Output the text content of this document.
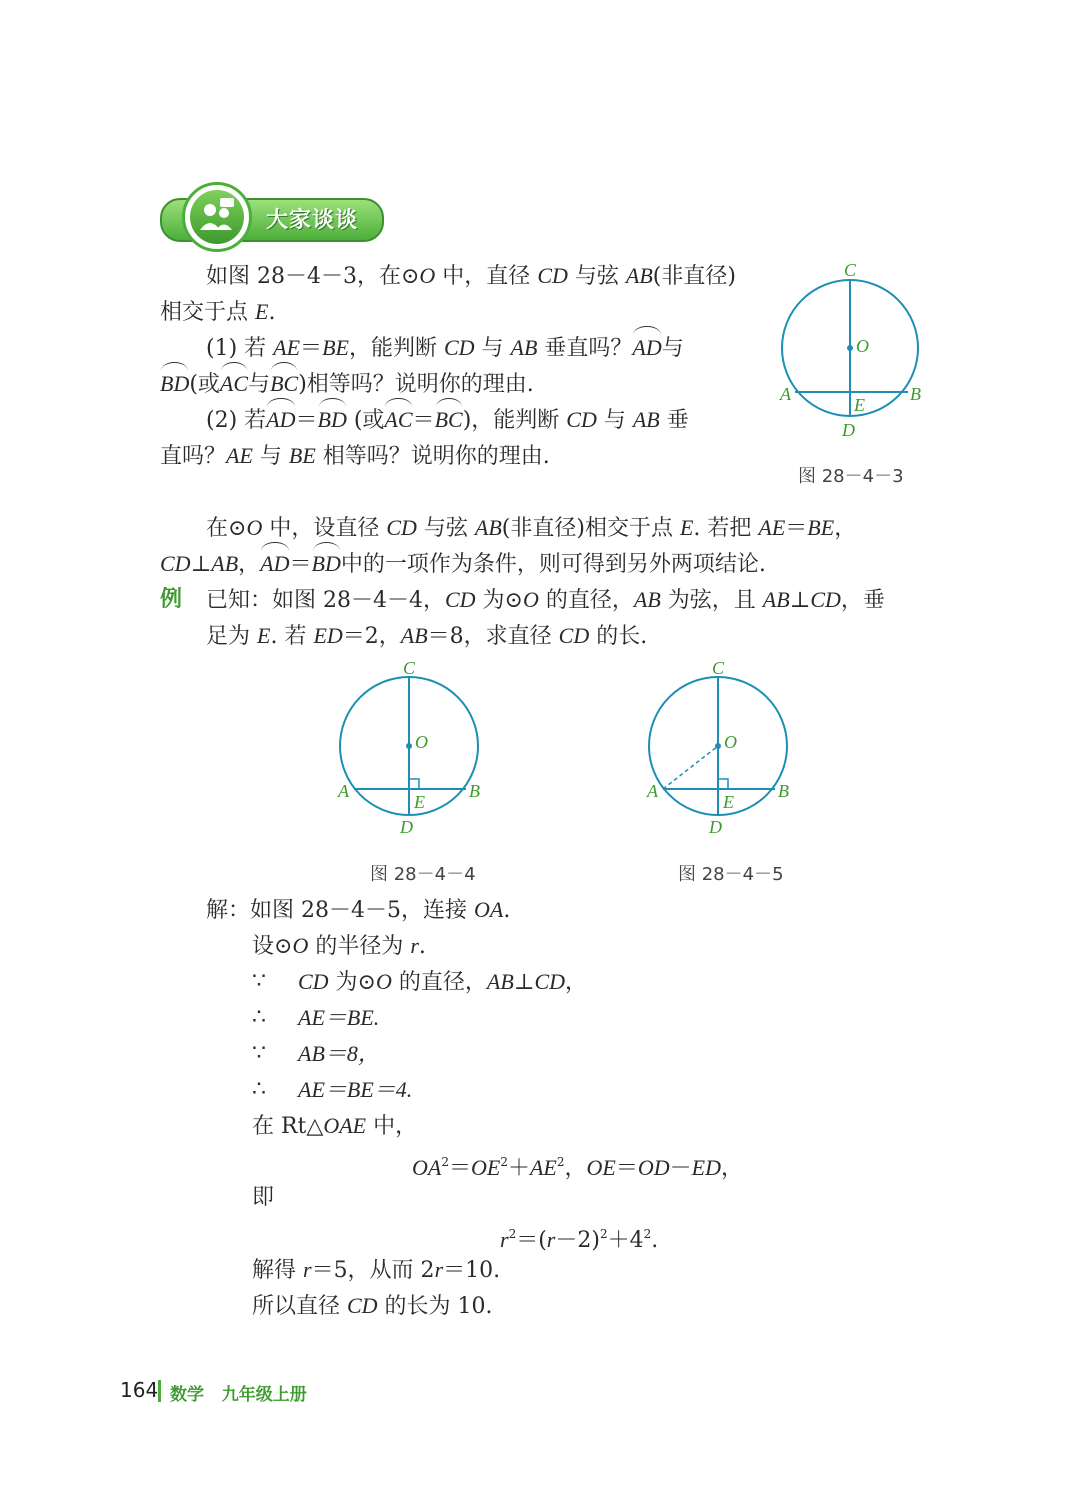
大家谈谈
如图 28－4－3，在⊙O 中，直径 CD 与弦 AB(非直径)
相交于点 E.
(1) 若 AE＝BE，能判断 CD 与 AB 垂直吗？AD与
BD(或AC与BC)相等吗？说明你的理由.
(2) 若AD＝BD (或AC＝BC)，能判断 CD 与 AB 垂
直吗？AE 与 BE 相等吗？说明你的理由.
C
O
A	B
E
D
图 28－4－3
在⊙O 中，设直径 CD 与弦 AB(非直径)相交于点 E. 若把 AE＝BE，
CD⊥AB，AD＝BD中的一项作为条件，则可得到另外两项结论.
例 已知：如图 28－4－4，CD 为⊙O 的直径，AB 为弦，且 AB⊥CD，垂
足为 E. 若 ED＝2，AB＝8，求直径 CD 的长.
C
O
A	B
E
D
图 28－4－4
C
O
A	B
E
D
图 28－4－5
解：如图 28－4－5，连接 OA.
设⊙O 的半径为 r.
∵ CD 为⊙O 的直径，AB⊥CD，
∴ AE＝BE.
∵ AB＝8，
∴ AE＝BE＝4.
在 Rt△OAE 中，
$OA^2=OE^2+AE^2$，OE＝OD－ED，
即
$r^2=(r-2)^2+4^2$.
解得 r＝5，从而 2r＝10.
所以直径 CD 的长为 10.
164 数学 九年级上册
